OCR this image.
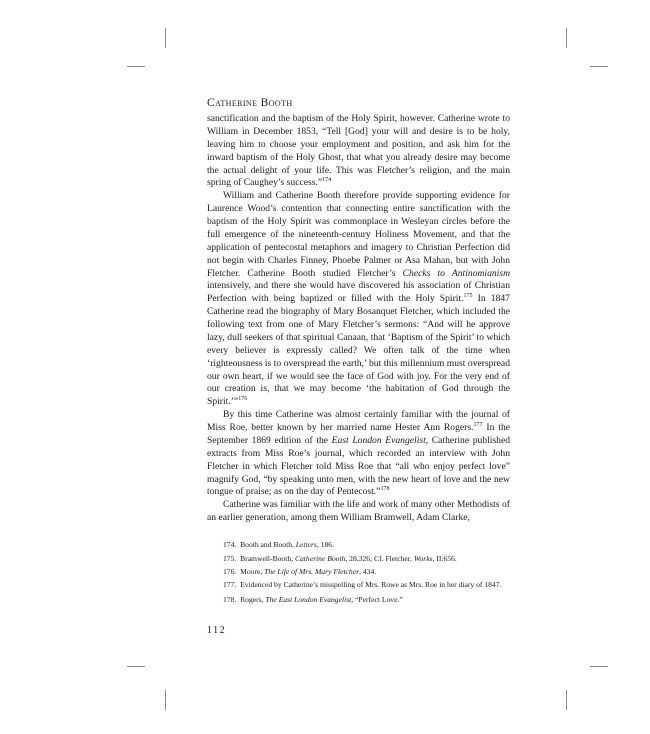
Catherine Booth

sanctification and the baptism of the Holy Spirit, however. Catherine wrote to William in December 1853, “Tell [God] your will and desire is to be holy, leaving him to choose your employment and position, and ask him for the inward baptism of the Holy Ghost, that what you already desire may become the actual delight of your life. This was Fletcher’s religion, and the main spring of Caughey’s success.”$^{174}$

William and Catherine Booth therefore provide supporting evidence for Laurence Wood’s contention that connecting entire sanctification with the baptism of the Holy Spirit was commonplace in Wesleyan circles before the full emergence of the nineteenth-century Holiness Movement, and that the application of pentecostal metaphors and imagery to Christian Perfection did not begin with Charles Finney, Phoebe Palmer or Asa Mahan, but with John Fletcher. Catherine Booth studied Fletcher’s Checks to Antinomianism intensively, and there she would have discovered his association of Christian Perfection with being baptized or filled with the Holy Spirit.$^{175}$ In 1847 Catherine read the biography of Mary Bosanquet Fletcher, which included the following text from one of Mary Fletcher’s sermons: “And will he approve lazy, dull seekers of that spiritual Canaan, that ‘Baptism of the Spirit’ to which every believer is expressly called? We often talk of the time when ‘righteousness is to overspread the earth,’ but this millennium must overspread our own heart, if we would see the face of God with joy. For the very end of our creation is, that we may become ‘the habitation of God through the Spirit.’”$^{176}$

By this time Catherine was almost certainly familiar with the journal of Miss Roe, better known by her married name Hester Ann Rogers.$^{177}$ In the September 1869 edition of the East London Evangelist, Catherine published extracts from Miss Roe’s journal, which recorded an interview with John Fletcher in which Fletcher told Miss Roe that “all who enjoy perfect love” magnify God, “by speaking unto men, with the new heart of love and the new tongue of praise; as on the day of Pentecost.”$^{178}$

Catherine was familiar with the life and work of many other Methodists of an earlier generation, among them William Bramwell, Adam Clarke,

174. Booth and Booth, Letters, 186.

175. Bramwell-Booth, Catherine Booth, 28,326; Cf. Fletcher, Works, II:656.

176. Moore, The Life of Mrs. Mary Fletcher, 434.

177. Evidenced by Catherine’s misspelling of Mrs. Rowe as Mrs. Roe in her diary of 1847.

178. Rogers, The East London Evangelist, “Perfect Love.”

112
